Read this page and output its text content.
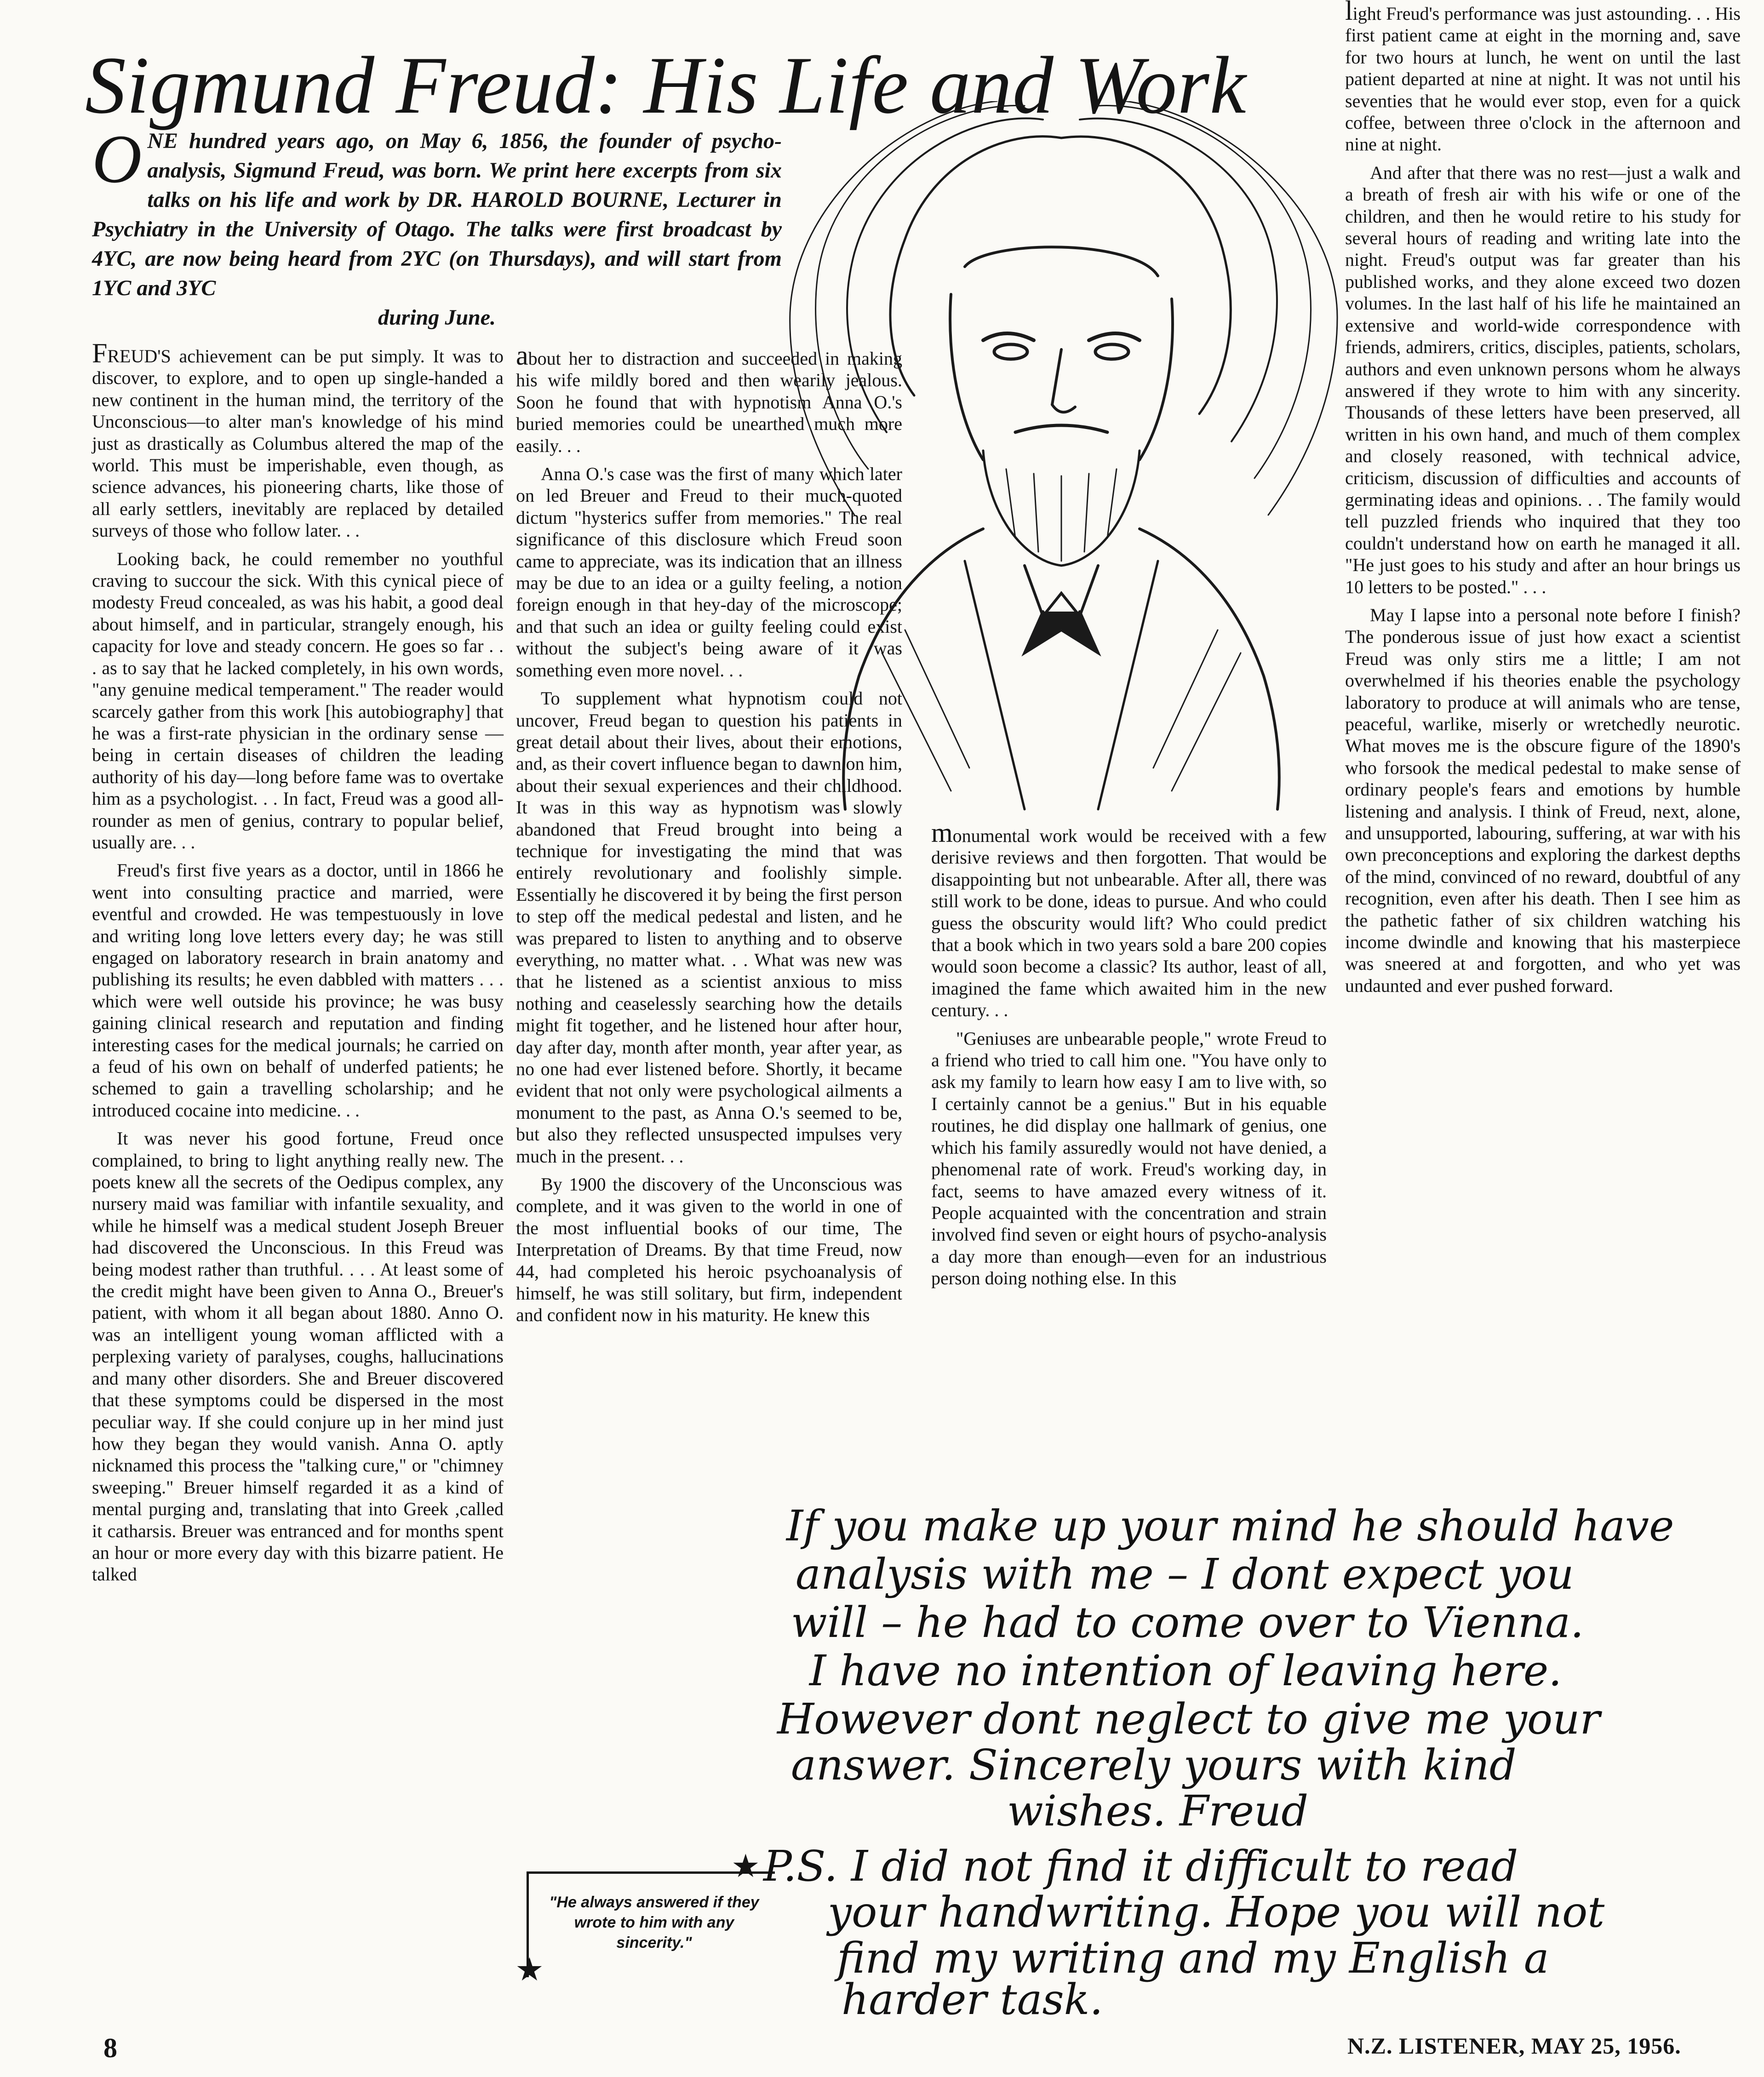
Sigmund Freud: His Life and Work
O NE hundred years ago, on May 6, 1856, the founder of psycho-analysis, Sigmund Freud, was born. We print here excerpts from six talks on his life and work by DR. HAROLD BOURNE, Lecturer in Psychiatry in the University of Otago. The talks were first broadcast by 4YC, are now being heard from 2YC (on Thursdays), and will start from 1YC and 3YC
during June.

FREUD'S achievement can be put simply. It was to discover, to explore, and to open up single-handed a new continent in the human mind, the territory of the Unconscious—to alter man's knowledge of his mind just as drastically as Columbus altered the map of the world. This must be imperishable, even though, as science advances, his pioneering charts, like those of all early settlers, inevitably are replaced by detailed surveys of those who follow later. . .

Looking back, he could remember no youthful craving to succour the sick. With this cynical piece of modesty Freud concealed, as was his habit, a good deal about himself, and in particular, strangely enough, his capacity for love and steady concern. He goes so far . . . as to say that he lacked completely, in his own words, "any genuine medical temperament." The reader would scarcely gather from this work [his autobiography] that he was a first-rate physician in the ordinary sense —being in certain diseases of children the leading authority of his day—long before fame was to overtake him as a psychologist. . . In fact, Freud was a good all-rounder as men of genius, contrary to popular belief, usually are. . .

Freud's first five years as a doctor, until in 1866 he went into consulting practice and married, were eventful and crowded. He was tempestuously in love and writing long love letters every day; he was still engaged on laboratory research in brain anatomy and publishing its results; he even dabbled with matters . . . which were well outside his province; he was busy gaining clinical research and reputation and finding interesting cases for the medical journals; he carried on a feud of his own on behalf of underfed patients; he schemed to gain a travelling scholarship; and he introduced cocaine into medicine. . .

It was never his good fortune, Freud once complained, to bring to light anything really new. The poets knew all the secrets of the Oedipus complex, any nursery maid was familiar with infantile sexuality, and while he himself was a medical student Joseph Breuer had discovered the Unconscious. In this Freud was being modest rather than truthful. . . . At least some of the credit might have been given to Anna O., Breuer's patient, with whom it all began about 1880. Anno O. was an intelligent young woman afflicted with a perplexing variety of paralyses, coughs, hallucinations and many other disorders. She and Breuer discovered that these symptoms could be dispersed in the most peculiar way. If she could conjure up in her mind just how they began they would vanish. Anna O. aptly nicknamed this process the "talking cure," or "chimney sweeping." Breuer himself regarded it as a kind of mental purging and, translating that into Greek ,called it catharsis. Breuer was entranced and for months spent an hour or more every day with this bizarre patient. He talked

about her to distraction and succeeded in making his wife mildly bored and then wearily jealous. Soon he found that with hypnotism Anna O.'s buried memories could be unearthed much more easily. . .

Anna O.'s case was the first of many which later on led Breuer and Freud to their much-quoted dictum "hysterics suffer from memories." The real significance of this disclosure which Freud soon came to appreciate, was its indication that an illness may be due to an idea or a guilty feeling, a notion foreign enough in that hey-day of the microscope; and that such an idea or guilty feeling could exist without the subject's being aware of it was something even more novel. . .

To supplement what hypnotism could not uncover, Freud began to question his patients in great detail about their lives, about their emotions, and, as their covert influence began to dawn on him, about their sexual experiences and their childhood. It was in this way as hypnotism was slowly abandoned that Freud brought into being a technique for investigating the mind that was entirely revolutionary and foolishly simple. Essentially he discovered it by being the first person to step off the medical pedestal and listen, and he was prepared to listen to anything and to observe everything, no matter what. . . What was new was that he listened as a scientist anxious to miss nothing and ceaselessly searching how the details might fit together, and he listened hour after hour, day after day, month after month, year after year, as no one had ever listened before. Shortly, it became evident that not only were psychological ailments a monument to the past, as Anna O.'s seemed to be, but also they reflected unsuspected impulses very much in the present. . .

By 1900 the discovery of the Unconscious was complete, and it was given to the world in one of the most influential books of our time, The Interpretation of Dreams. By that time Freud, now 44, had completed his heroic psychoanalysis of himself, he was still solitary, but firm, independent and confident now in his maturity. He knew this

monumental work would be received with a few derisive reviews and then forgotten. That would be disappointing but not unbearable. After all, there was still work to be done, ideas to pursue. And who could guess the obscurity would lift? Who could predict that a book which in two years sold a bare 200 copies would soon become a classic? Its author, least of all, imagined the fame which awaited him in the new century. . .

"Geniuses are unbearable people," wrote Freud to a friend who tried to call him one. "You have only to ask my family to learn how easy I am to live with, so I certainly cannot be a genius." But in his equable routines, he did display one hallmark of genius, one which his family assuredly would not have denied, a phenomenal rate of work. Freud's working day, in fact, seems to have amazed every witness of it. People acquainted with the concentration and strain involved find seven or eight hours of psycho-analysis a day more than enough—even for an industrious person doing nothing else. In this

light Freud's performance was just astounding. . . His first patient came at eight in the morning and, save for two hours at lunch, he went on until the last patient departed at nine at night. It was not until his seventies that he would ever stop, even for a quick coffee, between three o'clock in the afternoon and nine at night.

And after that there was no rest—just a walk and a breath of fresh air with his wife or one of the children, and then he would retire to his study for several hours of reading and writing late into the night. Freud's output was far greater than his published works, and they alone exceed two dozen volumes. In the last half of his life he maintained an extensive and world-wide correspondence with friends, admirers, critics, disciples, patients, scholars, authors and even unknown persons whom he always answered if they wrote to him with any sincerity. Thousands of these letters have been preserved, all written in his own hand, and much of them complex and closely reasoned, with technical advice, criticism, discussion of difficulties and accounts of germinating ideas and opinions. . . The family would tell puzzled friends who inquired that they too couldn't understand how on earth he managed it all. "He just goes to his study and after an hour brings us 10 letters to be posted." . . .

May I lapse into a personal note before I finish? The ponderous issue of just how exact a scientist Freud was only stirs me a little; I am not overwhelmed if his theories enable the psychology laboratory to produce at will animals who are tense, peaceful, warlike, miserly or wretchedly neurotic. What moves me is the obscure figure of the 1890's who forsook the medical pedestal to make sense of ordinary people's fears and emotions by humble listening and analysis. I think of Freud, next, alone, and unsupported, labouring, suffering, at war with his own preconceptions and exploring the darkest depths of the mind, convinced of no reward, doubtful of any recognition, even after his death. Then I see him as the pathetic father of six children watching his income dwindle and knowing that his masterpiece was sneered at and forgotten, and who yet was undaunted and ever pushed forward.

If you make up your mind he should have
analysis with me – I dont expect you
will – he had to come over to Vienna.
I have no intention of leaving here.
However dont neglect to give me your
answer. Sincerely yours with kind
wishes. Freud
P.S. I did not find it difficult to read
your handwriting. Hope you will not
find my writing and my English a
harder task.
"He always answered if they wrote to him with any sincerity."
★
★
8	N.Z. LISTENER, MAY 25, 1956.
